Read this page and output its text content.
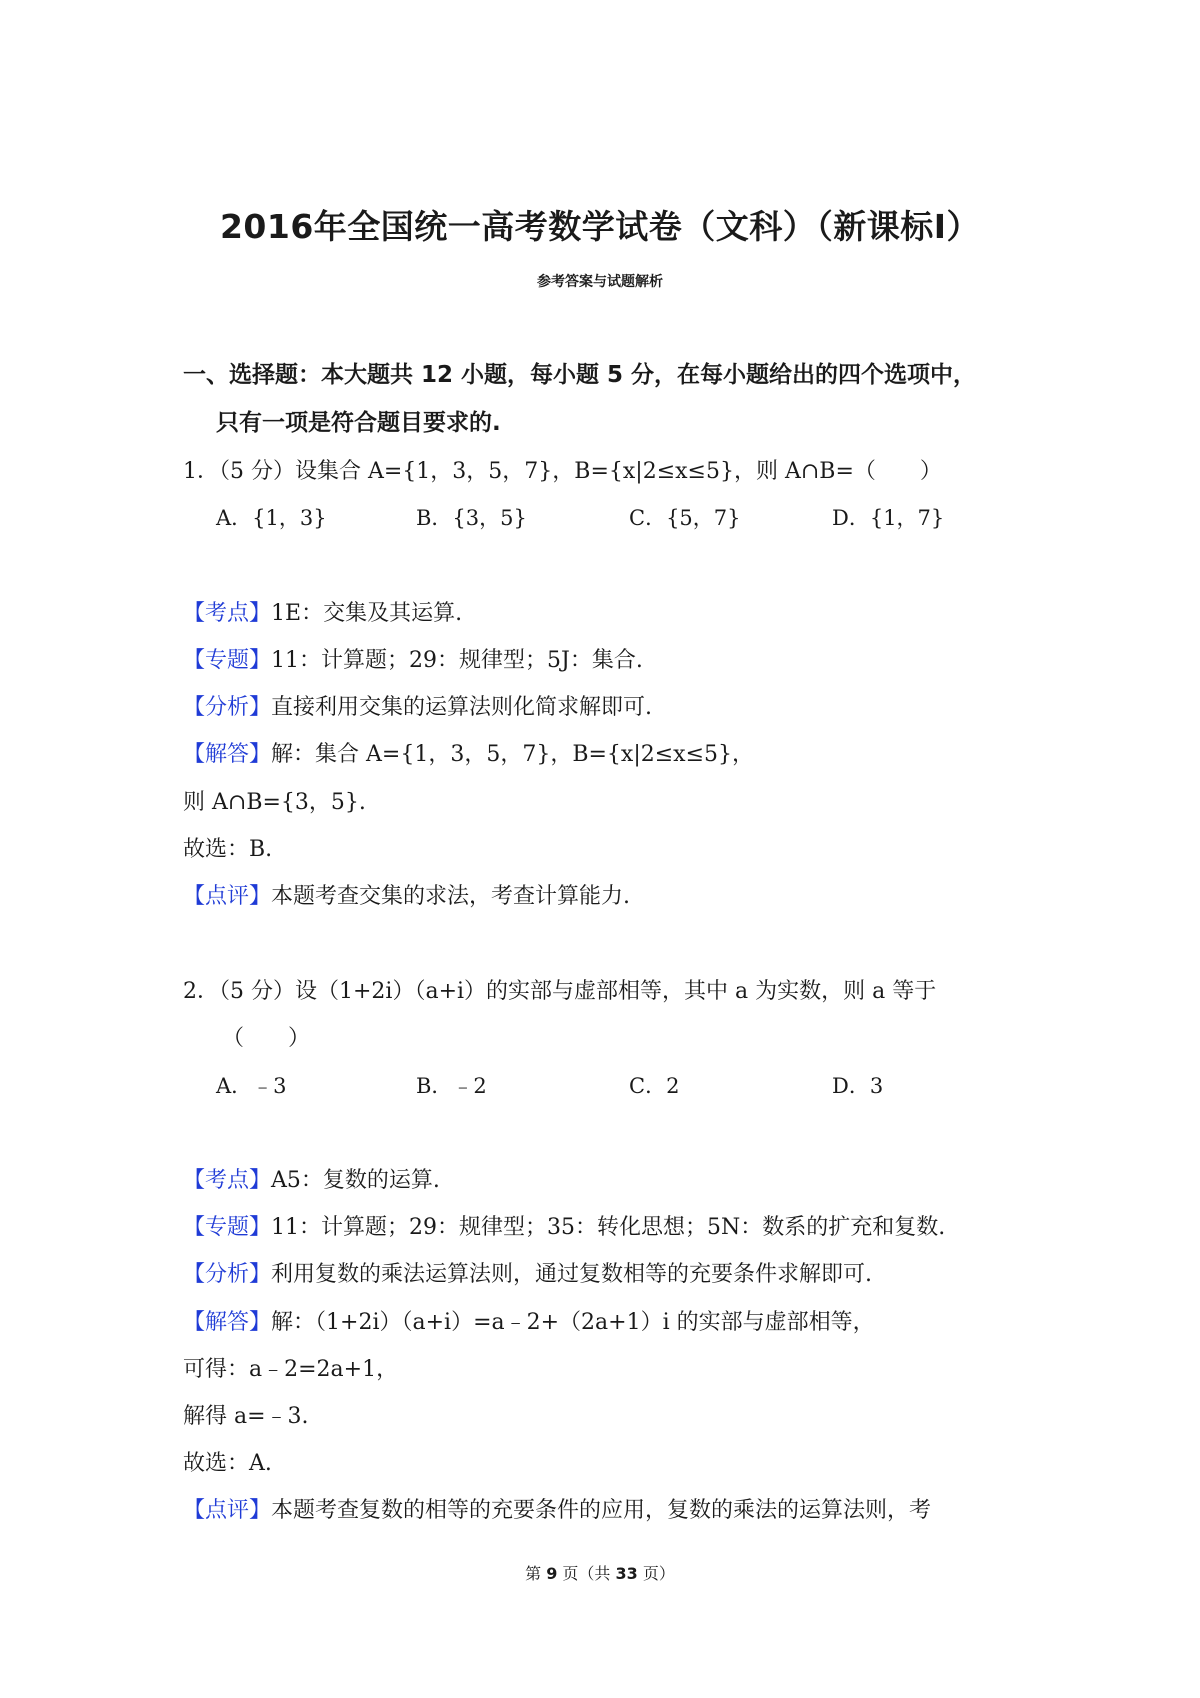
2016年全国统一高考数学试卷（文科）（新课标Ⅰ）
参考答案与试题解析
一、选择题：本大题共 12 小题，每小题 5 分，在每小题给出的四个选项中，
只有一项是符合题目要求的.
1．（5 分）设集合 A={1，3，5，7}，B={x|2≤x≤5}，则 A∩B=（　　）
A．{1，3}	B．{3，5}	C．{5，7}	D．{1，7}
【考点】1E：交集及其运算.
【专题】11：计算题；29：规律型；5J：集合.
【分析】直接利用交集的运算法则化简求解即可.
【解答】解：集合 A={1，3，5，7}，B={x|2≤x≤5}，
则 A∩B={3，5}.
故选：B.
【点评】本题考查交集的求法，考查计算能力.
2．（5 分）设（1+2i）（a+i）的实部与虚部相等，其中 a 为实数，则 a 等于
（　　）
A．﹣3	B．﹣2	C．2	D．3
【考点】A5：复数的运算.
【专题】11：计算题；29：规律型；35：转化思想；5N：数系的扩充和复数.
【分析】利用复数的乘法运算法则，通过复数相等的充要条件求解即可.
【解答】解：（1+2i）（a+i）=a﹣2+（2a+1）i 的实部与虚部相等，
可得：a﹣2=2a+1，
解得 a=﹣3.
故选：A.
【点评】本题考查复数的相等的充要条件的应用，复数的乘法的运算法则，考
第 9 页（共 33 页）
